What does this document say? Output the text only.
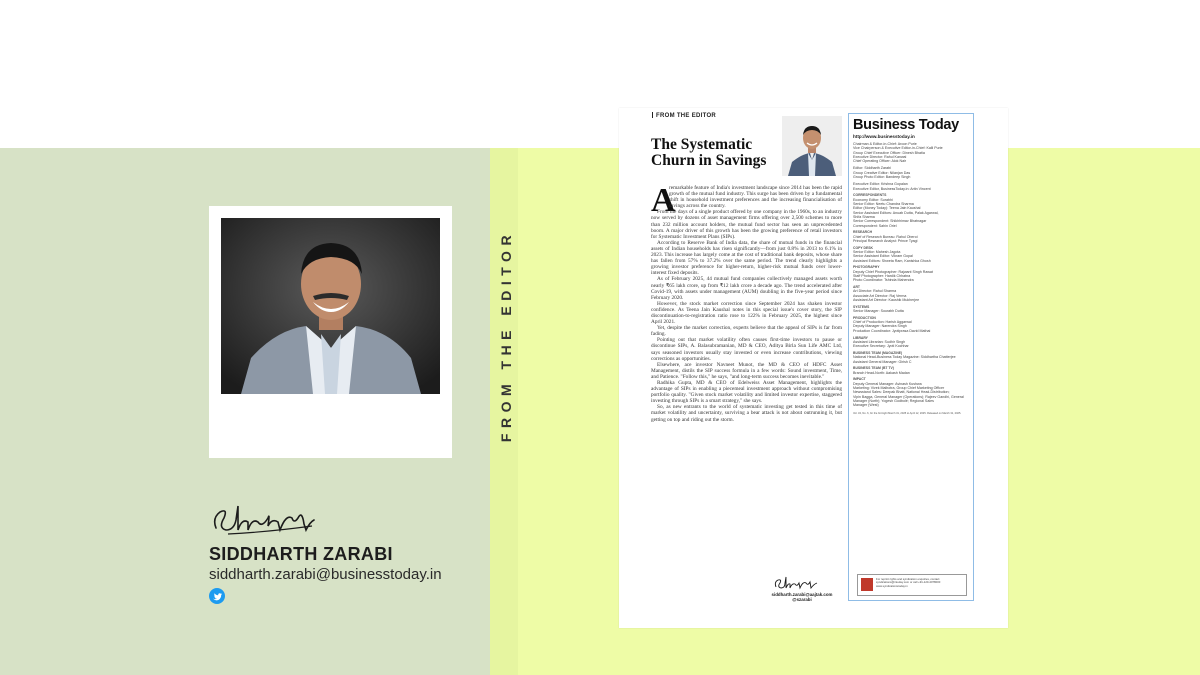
FROM THE EDITOR
SIDDHARTH ZARABI
siddharth.zarabi@businesstoday.in
FROM THE EDITOR
The Systematic Churn in Savings
A

remarkable feature of India's investment landscape since 2014 has been the rapid growth of the mutual fund industry. This surge has been driven by a fundamental shift in household investment preferences and the increasing financialisation of savings across the country.

From the days of a single product offered by one company in the 1960s, to an industry now served by dozens of asset management firms offering over 2,500 schemes to more than 232 million account holders, the mutual fund sector has seen an unprecedented boom. A major driver of this growth has been the growing preference of retail investors for Systematic Investment Plans (SIPs).

According to Reserve Bank of India data, the share of mutual funds in the financial assets of Indian households has risen significantly—from just 0.8% in 2013 to 6.1% in 2023. This increase has largely come at the cost of traditional bank deposits, whose share has fallen from 57% to 37.2% over the same period. The trend clearly highlights a growing investor preference for higher-return, higher-risk mutual funds over lower-interest fixed deposits.

As of February 2025, 44 mutual fund companies collectively managed assets worth nearly ₹65 lakh crore, up from ₹12 lakh crore a decade ago. The trend accelerated after Covid-19, with assets under management (AUM) doubling in the five-year period since February 2020.

However, the stock market correction since September 2024 has shaken investor confidence. As Teena Jain Kaushal notes in this special issue's cover story, the SIP discontinuation-to-registration ratio rose to 122% in February 2025, the highest since April 2021.

Yet, despite the market correction, experts believe that the appeal of SIPs is far from fading.

Pointing out that market volatility often causes first-time investors to pause or discontinue SIPs, A. Balasubramanian, MD & CEO, Aditya Birla Sun Life AMC Ltd, says seasoned investors usually stay invested or even increase contributions, viewing corrections as opportunities.

Elsewhere, ace investor Navneet Munot, the MD & CEO of HDFC Asset Management, distils the SIP success formula in a few words: Sound investment, Time, and Patience. "Follow this," he says, "and long-term success becomes inevitable."

Radhika Gupta, MD & CEO of Edelweiss Asset Management, highlights the advantage of SIPs in enabling a piecemeal investment approach without compromising portfolio quality. "Given stock market volatility and limited investor expertise, staggered investing through SIPs is a smart strategy," she says.

So, as new entrants to the world of systematic investing get tested in this time of market volatility and uncertainty, surviving a bear attack is not about outrunning it, but getting on top and riding out the storm.

siddharth.zarabi@aajtak.com
@szarabi
Business Today
http://www.businesstoday.in
Chairman & Editor-in-Chief: Aroon Purie
Vice Chairperson & Executive Editor-in-Chief: Kalli Purie
Group Chief Executive Officer: Dinesh Bhatia
Executive Director: Rahul Kanwal
Chief Operating Officer: Alok Nair
Editor: Siddharth Zarabi
Group Creative Editor: Nilanjan Das
Group Photo Editor: Bandeep Singh
Executive Editor: Krishna Gopalan
Executive Editor, BusinessToday.in: Artin Vincent
CORRESPONDENTS
Economy Editor: Surabhi
Senior Editor: Neetu Chandra Sharma
Editor (Money Today): Teena Jain Kaushal
Senior Assistant Editors: Anuab Dutta, Palak Agarwal,
Shifa Sharma
Senior Correspondent: Shikhhimav Bhatnagar
Correspondent: Sahin Oriel
RESEARCH
Chief of Research Bureau: Rahul Oberoi
Principal Research Analyst: Prince Tyagi
COPY DESK
Senior Editor: Mahesh Jagota
Senior Assistant Editor: Vikram Gopal
Assistant Editors: Shweta Ram, Kanishka Ghosh
PHOTOGRAPHY
Deputy Chief Photographer: Rajwant Singh Rawat
Staff Photographer: Hardik Chhabra
Photo Coordinator: Tshinda Mahendra
ART
Art Director: Rahul Sharma
Associate Art Director: Raj Verma
Assistant Art Director: Kaushik Mukherjee
SYSTEMS
Senior Manager: Sourabh Dutta
PRODUCTION
Chief of Production: Harish Aggarwal
Deputy Manager: Narendra Singh
Production Coordinator: Jyotiprasa David Mathai
LIBRARY
Assistant Librarian: Sudhir Singh
Executive Secretary: Jyoti Kochhar
BUSINESS TEAM (MAGAZINE)
National Head-Business Today Magazine: Siddhartha Chatterjee
Assistant General Manager: Girish C
BUSINESS TEAM (BT TV)
Branch Head-North: Aakash Madan
IMPACT
Deputy General Manager: Avinash Kushwa
Marketing: Vivek Malhotra, Group Chief Marketing Officer
Newsstand Sales: Deepak Bhatt, National Head-Distribution;
Vipin Bagga, General Manager (Operations); Rajeev Gandhi, General
Manager (North); Yogesh Godbolé; Regional Sales
Manager (West)
Vol. 34, No. 6, for the fortnight March 31, 2025 to April 12, 2025. Released on March 31, 2025.
For reprint rights and syndication enquiries, contact syndications@intoday.com or call +91-120-4078000 www.syndicationstoday.in
